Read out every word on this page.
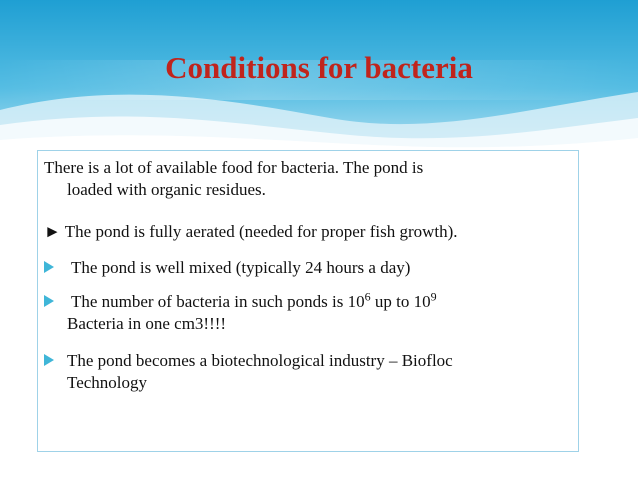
Conditions for bacteria
There is a lot of available food for bacteria. The pond is
loaded with organic residues.
► The pond is fully aerated (needed for proper fish growth).
The pond is well mixed (typically 24 hours a day)
The number of bacteria in such ponds is $10^6$ up to $10^9$
Bacteria in one cm3!!!!
The pond becomes a biotechnological industry – Biofloc
Technology
